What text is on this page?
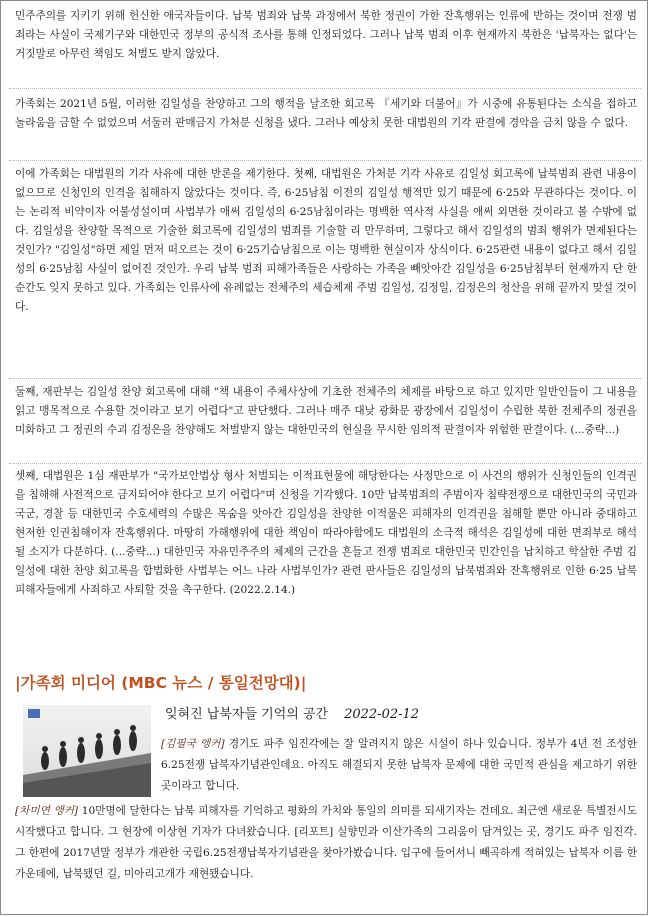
민주주의를 지키기 위해 헌신한 애국자들이다. 납북 범죄와 납북 과정에서 북한 정권이 가한 잔혹행위는 인류에 반하는 것이며 전쟁 범죄라는 사실이 국제기구와 대한민국 정부의 공식적 조사를 통해 인정되었다. 그러나 납북 범죄 이후 현재까지 북한은 '납북자는 없다'는 거짓말로 아무런 책임도 처벌도 받지 않았다.

가족회는 2021년 5월, 이러한 김일성을 찬양하고 그의 행적을 날조한 회고록 『세기와 더불어』가 시중에 유통된다는 소식을 접하고 놀라움을 금할 수 없었으며 서둘러 판매금지 가처분 신청을 냈다. 그러나 예상치 못한 대법원의 기각 판결에 경악을 금치 않을 수 없다.

이에 가족회는 대법원의 기각 사유에 대한 반론을 제기한다. 첫째, 대법원은 가처분 기각 사유로 김일성 회고록에 납북범죄 관련 내용이 없으므로 신청인의 인격을 침해하지 않았다는 것이다. 즉, 6·25남침 이전의 김일성 행적만 있기 때문에 6·25와 무관하다는 것이다. 이는 논리적 비약이자 어불성설이며 사법부가 애써 김일성의 6·25남침이라는 명백한 역사적 사실을 애써 외면한 것이라고 볼 수밖에 없다. 김일성을 찬양할 목적으로 기술한 회고록에 김일성의 범죄를 기술할 리 만무하며, 그렇다고 해서 김일성의 범죄 행위가 면제된다는 것인가? "김일성"하면 제일 먼저 떠오르는 것이 6·25기습남침으로 이는 명백한 현실이자 상식이다. 6·25관련 내용이 없다고 해서 김일성의 6·25남침 사실이 없어진 것인가. 우리 납북 범죄 피해가족들은 사랑하는 가족을 빼앗아간 김일성을 6·25남침부터 현재까지 단 한 순간도 잊지 못하고 있다. 가족회는 인류사에 유례없는 전체주의 세습체제 주범 김일성, 김정일, 김정은의 청산을 위해 끝까지 맞설 것이다.

둘째, 재판부는 김일성 찬양 회고록에 대해 "책 내용이 주체사상에 기초한 전체주의 체제를 바탕으로 하고 있지만 일반인들이 그 내용을 읽고 맹목적으로 수용할 것이라고 보기 어렵다"고 판단했다. 그러나 매주 대낮 광화문 광장에서 김일성이 수립한 북한 전체주의 정권을 미화하고 그 정권의 수괴 김정은을 찬양해도 처벌받지 않는 대한민국의 현실을 무시한 임의적 판결이자 위험한 판결이다. (...중략...)

셋째, 대법원은 1심 재판부가 "국가보안법상 형사 처벌되는 이적표현물에 해당한다는 사정만으로 이 사건의 행위가 신청인들의 인격권을 침해해 사전적으로 금지되어야 한다고 보기 어렵다"며 신청을 기각했다. 10만 납북범죄의 주범이자 침략전쟁으로 대한민국의 국민과 국군, 경찰 등 대한민국 수호세력의 수많은 목숨을 앗아간 김일성을 찬양한 이적물은 피해자의 인격권을 침해할 뿐만 아니라 중대하고 현저한 인권침해이자 잔혹행위다. 마땅히 가해행위에 대한 책임이 따라야함에도 대법원의 소극적 해석은 김일성에 대한 면죄부로 해석될 소지가 다분하다. (...중략...) 대한민국 자유민주주의 체제의 근간을 흔들고 전쟁 범죄로 대한민국 민간인을 납치하고 학살한 주범 김일성에 대한 찬양 회고록을 합법화한 사법부는 어느 나라 사법부인가? 관련 판사들은 김일성의 납북범죄와 잔혹행위로 인한 6·25 납북 피해자들에게 사죄하고 사퇴할 것을 촉구한다. (2022.2.14.)

|가족회 미디어 (MBC 뉴스 / 통일전망대)|
잊혀진 납북자들 기억의 공간 2022-02-12

[김필국 앵커] 경기도 파주 임진각에는 잘 알려지지 않은 시설이 하나 있습니다. 정부가 4년 전 조성한 6.25전쟁 납북자기념관인데요. 아직도 해결되지 못한 납북자 문제에 대한 국민적 관심을 제고하기 위한 곳이라고 합니다.

[차미연 앵커] 10만명에 달한다는 납북 피해자를 기억하고 평화의 가치와 통일의 의미를 되새기자는 건데요. 최근엔 새로운 특별전시도 시작했다고 합니다. 그 현장에 이상현 기자가 다녀왔습니다. [리포트] 실향민과 이산가족의 그리움이 담겨있는 곳, 경기도 파주 임진각. 그 한편에 2017년말 정부가 개관한 국립6.25전쟁납북자기념관을 찾아가봤습니다. 입구에 들어서니 빼곡하게 적혀있는 납북자 이름 한 가운데에, 납북됐던 길, 미아리고개가 재현됐습니다.
